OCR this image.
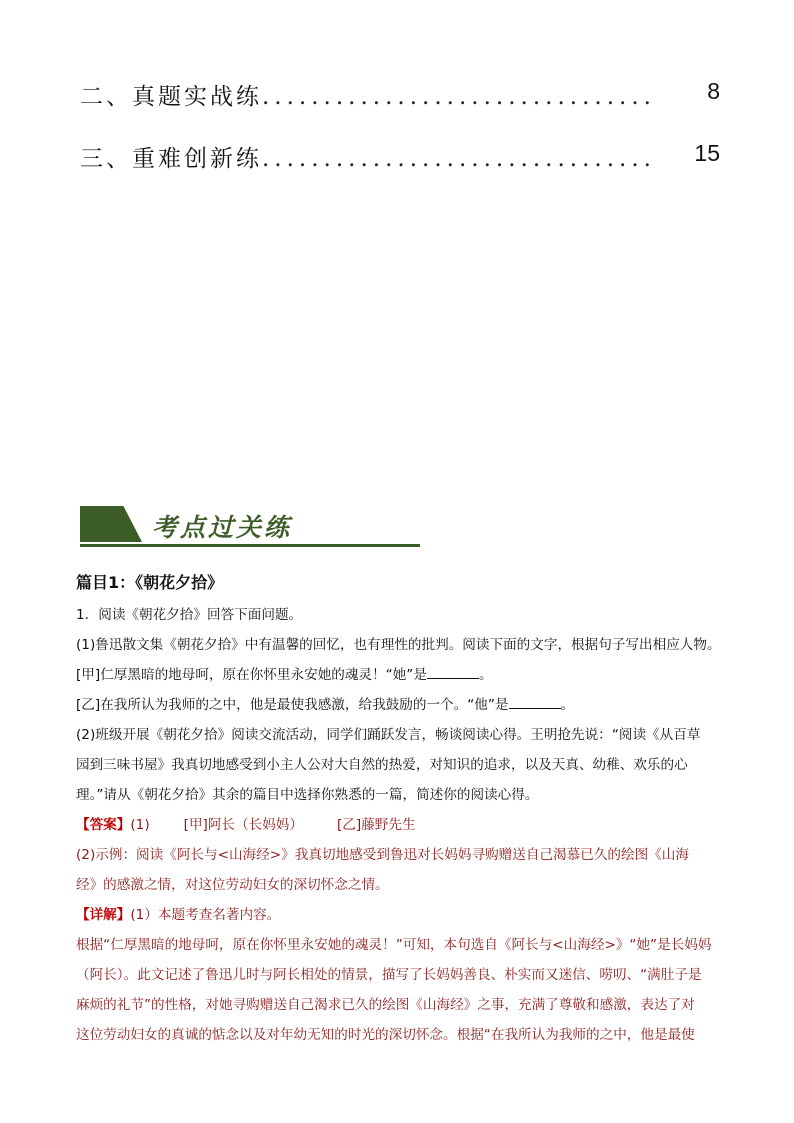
二、真题实战练................................ 8
三、重难创新练................................ 15
考点过关练

篇目1：《朝花夕拾》

1．阅读《朝花夕拾》回答下面问题。

(1)鲁迅散文集《朝花夕拾》中有温馨的回忆，也有理性的批判。阅读下面的文字，根据句子写出相应人物。

[甲]仁厚黑暗的地母呵，原在你怀里永安她的魂灵！“她”是	。

[乙]在我所认为我师的之中，他是最使我感激，给我鼓励的一个。“他”是	。

(2)班级开展《朝花夕拾》阅读交流活动，同学们踊跃发言，畅谈阅读心得。王明抢先说：“阅读《从百草

园到三味书屋》我真切地感受到小主人公对大自然的热爱，对知识的追求，以及天真、幼稚、欢乐的心

理。”请从《朝花夕拾》其余的篇目中选择你熟悉的一篇，简述你的阅读心得。

【答案】(1)	[甲]阿长（长妈妈）	[乙]藤野先生

(2)示例：阅读《阿长与<山海经>》我真切地感受到鲁迅对长妈妈寻购赠送自己渴慕已久的绘图《山海

经》的感激之情，对这位劳动妇女的深切怀念之情。

【详解】(1）本题考查名著内容。

根据“仁厚黑暗的地母呵，原在你怀里永安她的魂灵！”可知，本句选自《阿长与<山海经>》“她”是长妈妈

（阿长）。此文记述了鲁迅儿时与阿长相处的情景，描写了长妈妈善良、朴实而又迷信、唠叨、“满肚子是

麻烦的礼节”的性格，对她寻购赠送自己渴求已久的绘图《山海经》之事，充满了尊敬和感激，表达了对

这位劳动妇女的真诚的惦念以及对年幼无知的时光的深切怀念。根据“在我所认为我师的之中，他是最使
